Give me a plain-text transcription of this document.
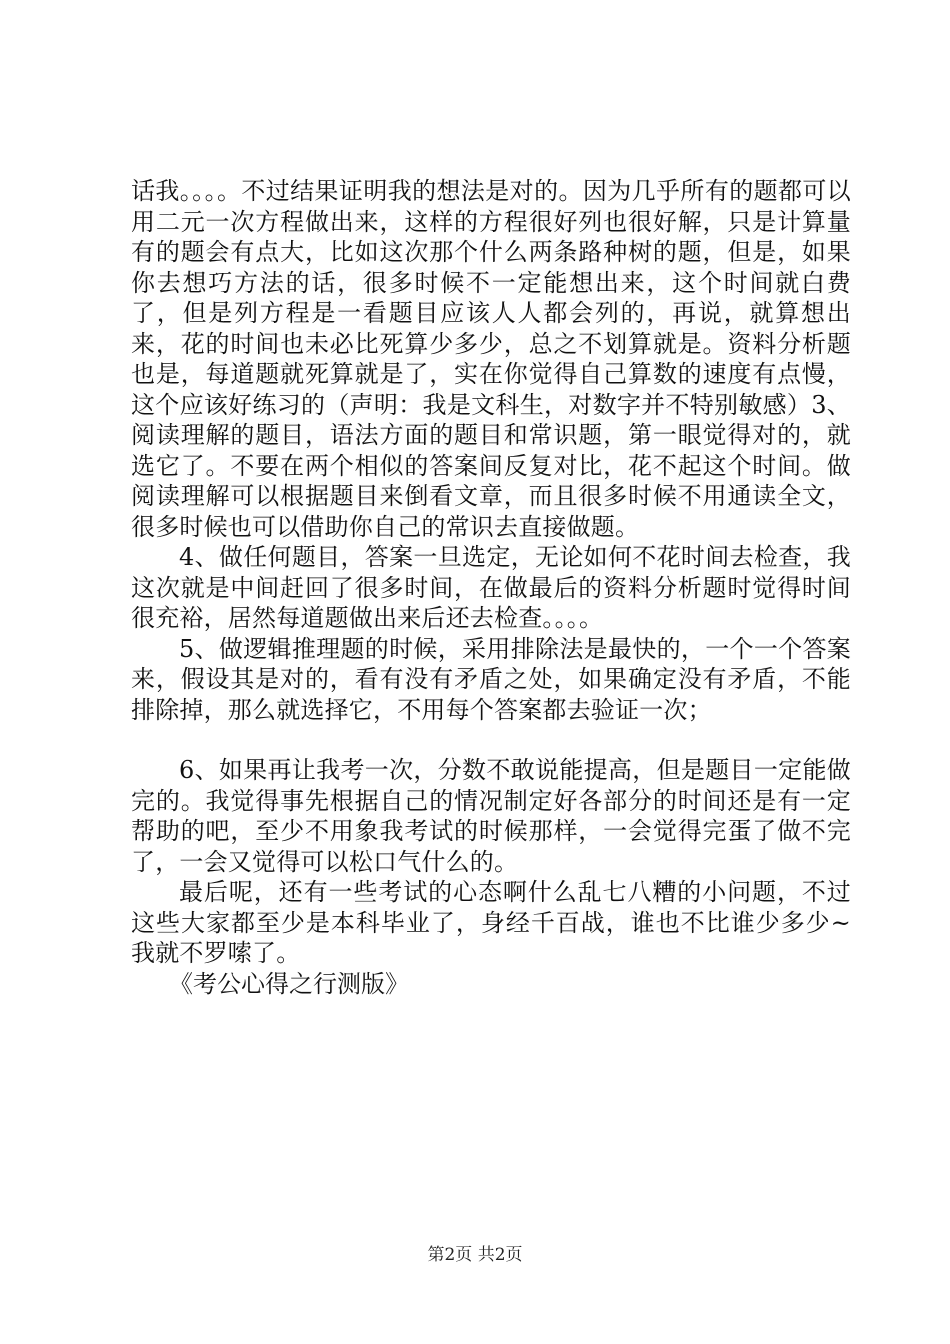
话我。。。。不过结果证明我的想法是对的。因为几乎所有的题都可以用二元一次方程做出来，这样的方程很好列也很好解，只是计算量有的题会有点大，比如这次那个什么两条路种树的题，但是，如果你去想巧方法的话，很多时候不一定能想出来，这个时间就白费了，但是列方程是一看题目应该人人都会列的，再说，就算想出来，花的时间也未必比死算少多少，总之不划算就是。资料分析题也是，每道题就死算就是了，实在你觉得自己算数的速度有点慢，这个应该好练习的（声明：我是文科生，对数字并不特别敏感）3、阅读理解的题目，语法方面的题目和常识题，第一眼觉得对的，就选它了。不要在两个相似的答案间反复对比，花不起这个时间。做阅读理解可以根据题目来倒看文章，而且很多时候不用通读全文，很多时候也可以借助你自己的常识去直接做题。

4、做任何题目，答案一旦选定，无论如何不花时间去检查，我这次就是中间赶回了很多时间，在做最后的资料分析题时觉得时间很充裕，居然每道题做出来后还去检查。。。。

5、做逻辑推理题的时候，采用排除法是最快的，一个一个答案来，假设其是对的，看有没有矛盾之处，如果确定没有矛盾，不能排除掉，那么就选择它，不用每个答案都去验证一次；

6、如果再让我考一次，分数不敢说能提高，但是题目一定能做完的。我觉得事先根据自己的情况制定好各部分的时间还是有一定帮助的吧，至少不用象我考试的时候那样，一会觉得完蛋了做不完了，一会又觉得可以松口气什么的。

最后呢，还有一些考试的心态啊什么乱七八糟的小问题，不过这些大家都至少是本科毕业了，身经千百战，谁也不比谁少多少~我就不罗嗦了。

《考公心得之行测版》

第2页 共2页
